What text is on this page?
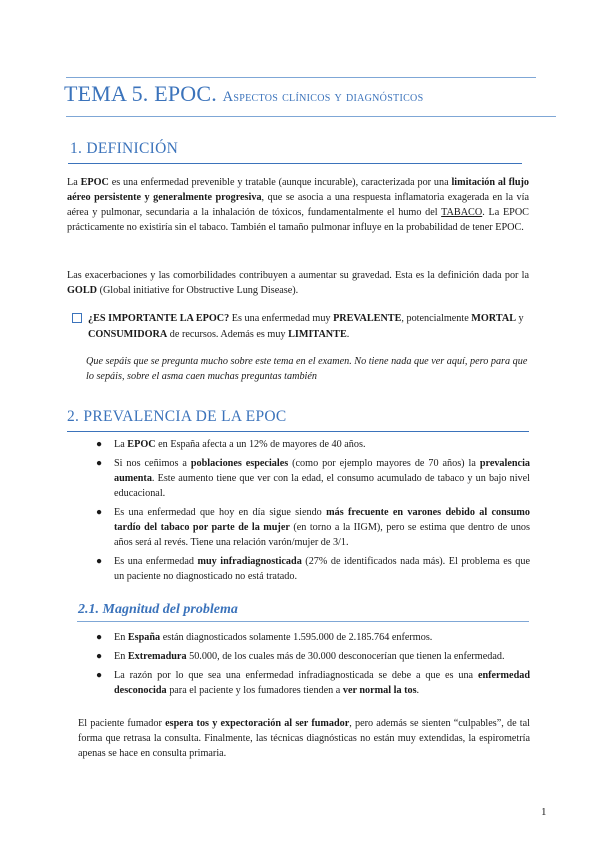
TEMA 5. EPOC. Aspectos clínicos y diagnósticos
1. DEFINICIÓN

La EPOC es una enfermedad prevenible y tratable (aunque incurable), caracterizada por una limitación al flujo aéreo persistente y generalmente progresiva, que se asocia a una respuesta inflamatoria exagerada en la vía aérea y pulmonar, secundaria a la inhalación de tóxicos, fundamentalmente el humo del TABACO. La EPOC prácticamente no existiría sin el tabaco. También el tamaño pulmonar influye en la probabilidad de tener EPOC.

Las exacerbaciones y las comorbilidades contribuyen a aumentar su gravedad. Esta es la definición dada por la GOLD (Global initiative for Obstructive Lung Disease).

¿ES IMPORTANTE LA EPOC? Es una enfermedad muy PREVALENTE, potencialmente MORTAL y CONSUMIDORA de recursos. Además es muy LIMITANTE.

Que sepáis que se pregunta mucho sobre este tema en el examen. No tiene nada que ver aquí, pero para que lo sepáis, sobre el asma caen muchas preguntas también

2. PREVALENCIA DE LA EPOC
● La EPOC en España afecta a un 12% de mayores de 40 años.
● Si nos ceñimos a poblaciones especiales (como por ejemplo mayores de 70 años) la prevalencia aumenta. Este aumento tiene que ver con la edad, el consumo acumulado de tabaco y un bajo nivel educacional.
● Es una enfermedad que hoy en día sigue siendo más frecuente en varones debido al consumo tardío del tabaco por parte de la mujer (en torno a la IIGM), pero se estima que dentro de unos años será al revés. Tiene una relación varón/mujer de 3/1.
● Es una enfermedad muy infradiagnosticada (27% de identificados nada más). El problema es que un paciente no diagnosticado no está tratado.
2.1. Magnitud del problema
● En España están diagnosticados solamente 1.595.000 de 2.185.764 enfermos.
● En Extremadura 50.000, de los cuales más de 30.000 desconocerían que tienen la enfermedad.
● La razón por lo que sea una enfermedad infradiagnosticada se debe a que es una enfermedad desconocida para el paciente y los fumadores tienden a ver normal la tos.

El paciente fumador espera tos y expectoración al ser fumador, pero además se sienten “culpables”, de tal forma que retrasa la consulta. Finalmente, las técnicas diagnósticas no están muy extendidas, la espirometría apenas se hace en consulta primaria.

1
